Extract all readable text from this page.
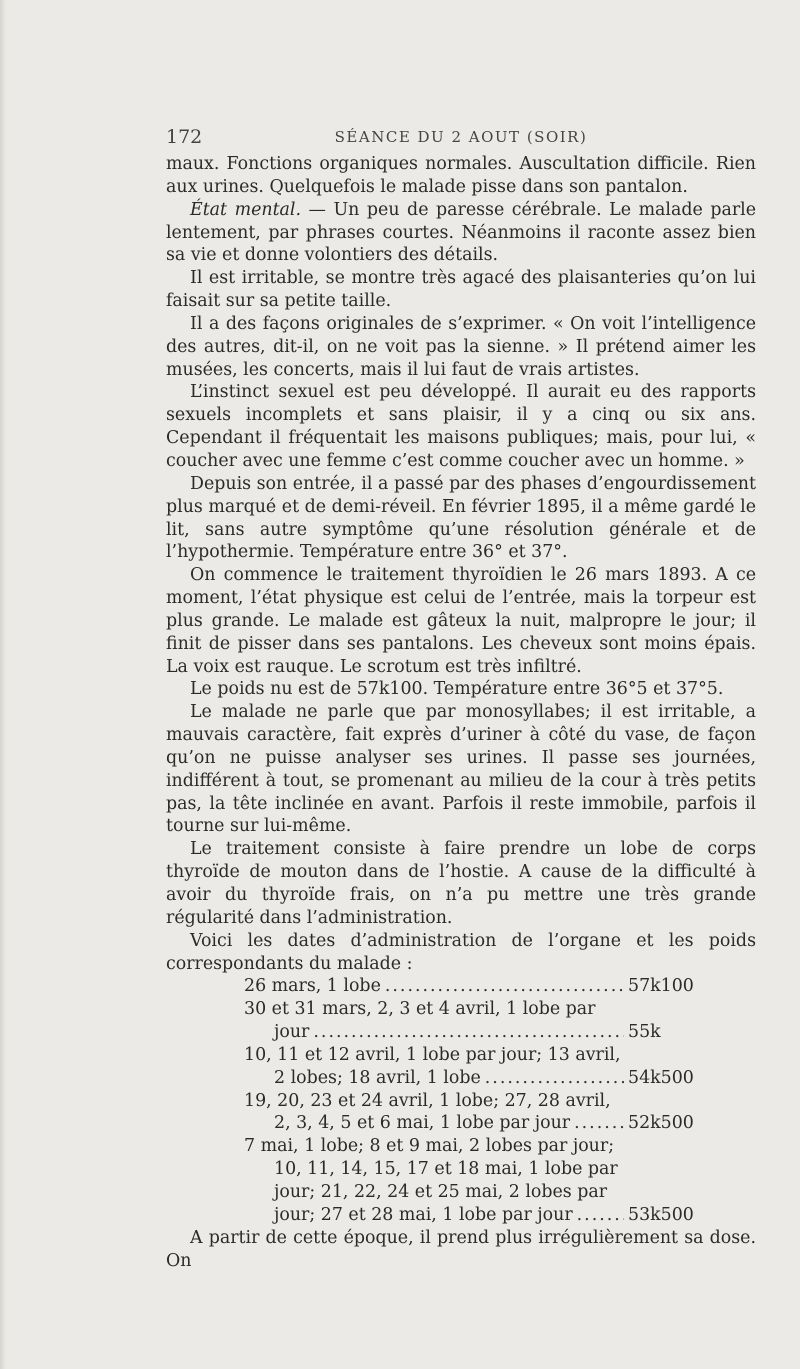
172	SÉANCE DU 2 AOUT (SOIR)

maux. Fonctions organiques normales. Auscultation difficile. Rien aux urines. Quelquefois le malade pisse dans son pantalon.

État mental. — Un peu de paresse cérébrale. Le malade parle lentement, par phrases courtes. Néanmoins il raconte assez bien sa vie et donne volontiers des détails.

Il est irritable, se montre très agacé des plaisanteries qu’on lui faisait sur sa petite taille.

Il a des façons originales de s’exprimer. « On voit l’intelligence des autres, dit-il, on ne voit pas la sienne. » Il prétend aimer les musées, les concerts, mais il lui faut de vrais artistes.

L’instinct sexuel est peu développé. Il aurait eu des rapports sexuels incomplets et sans plaisir, il y a cinq ou six ans. Cependant il fréquentait les maisons publiques; mais, pour lui, « coucher avec une femme c’est comme coucher avec un homme. »

Depuis son entrée, il a passé par des phases d’engourdissement plus marqué et de demi-réveil. En février 1895, il a même gardé le lit, sans autre symptôme qu’une résolution générale et de l’hypothermie. Température entre 36° et 37°.

On commence le traitement thyroïdien le 26 mars 1893. A ce moment, l’état physique est celui de l’entrée, mais la torpeur est plus grande. Le malade est gâteux la nuit, malpropre le jour; il finit de pisser dans ses pantalons. Les cheveux sont moins épais. La voix est rauque. Le scrotum est très infiltré.

Le poids nu est de 57k100. Température entre 36°5 et 37°5.

Le malade ne parle que par monosyllabes; il est irritable, a mauvais caractère, fait exprès d’uriner à côté du vase, de façon qu’on ne puisse analyser ses urines. Il passe ses journées, indifférent à tout, se promenant au milieu de la cour à très petits pas, la tête inclinée en avant. Parfois il reste immobile, parfois il tourne sur lui-même.

Le traitement consiste à faire prendre un lobe de corps thyroïde de mouton dans de l’hostie. A cause de la difficulté à avoir du thyroïde frais, on n’a pu mettre une très grande régularité dans l’administration.

Voici les dates d’administration de l’organe et les poids correspondants du malade :

26 mars, 1 lobe .....	57k100
30 et 31 mars, 2, 3 et 4 avril, 1 lobe par
jour .....	55k
10, 11 et 12 avril, 1 lobe par jour; 13 avril,
2 lobes; 18 avril, 1 lobe .....	54k500
19, 20, 23 et 24 avril, 1 lobe; 27, 28 avril,
2, 3, 4, 5 et 6 mai, 1 lobe par jour .....	52k500
7 mai, 1 lobe; 8 et 9 mai, 2 lobes par jour;
10, 11, 14, 15, 17 et 18 mai, 1 lobe par
jour; 21, 22, 24 et 25 mai, 2 lobes par
jour; 27 et 28 mai, 1 lobe par jour .....	53k500

A partir de cette époque, il prend plus irrégulièrement sa dose. On
